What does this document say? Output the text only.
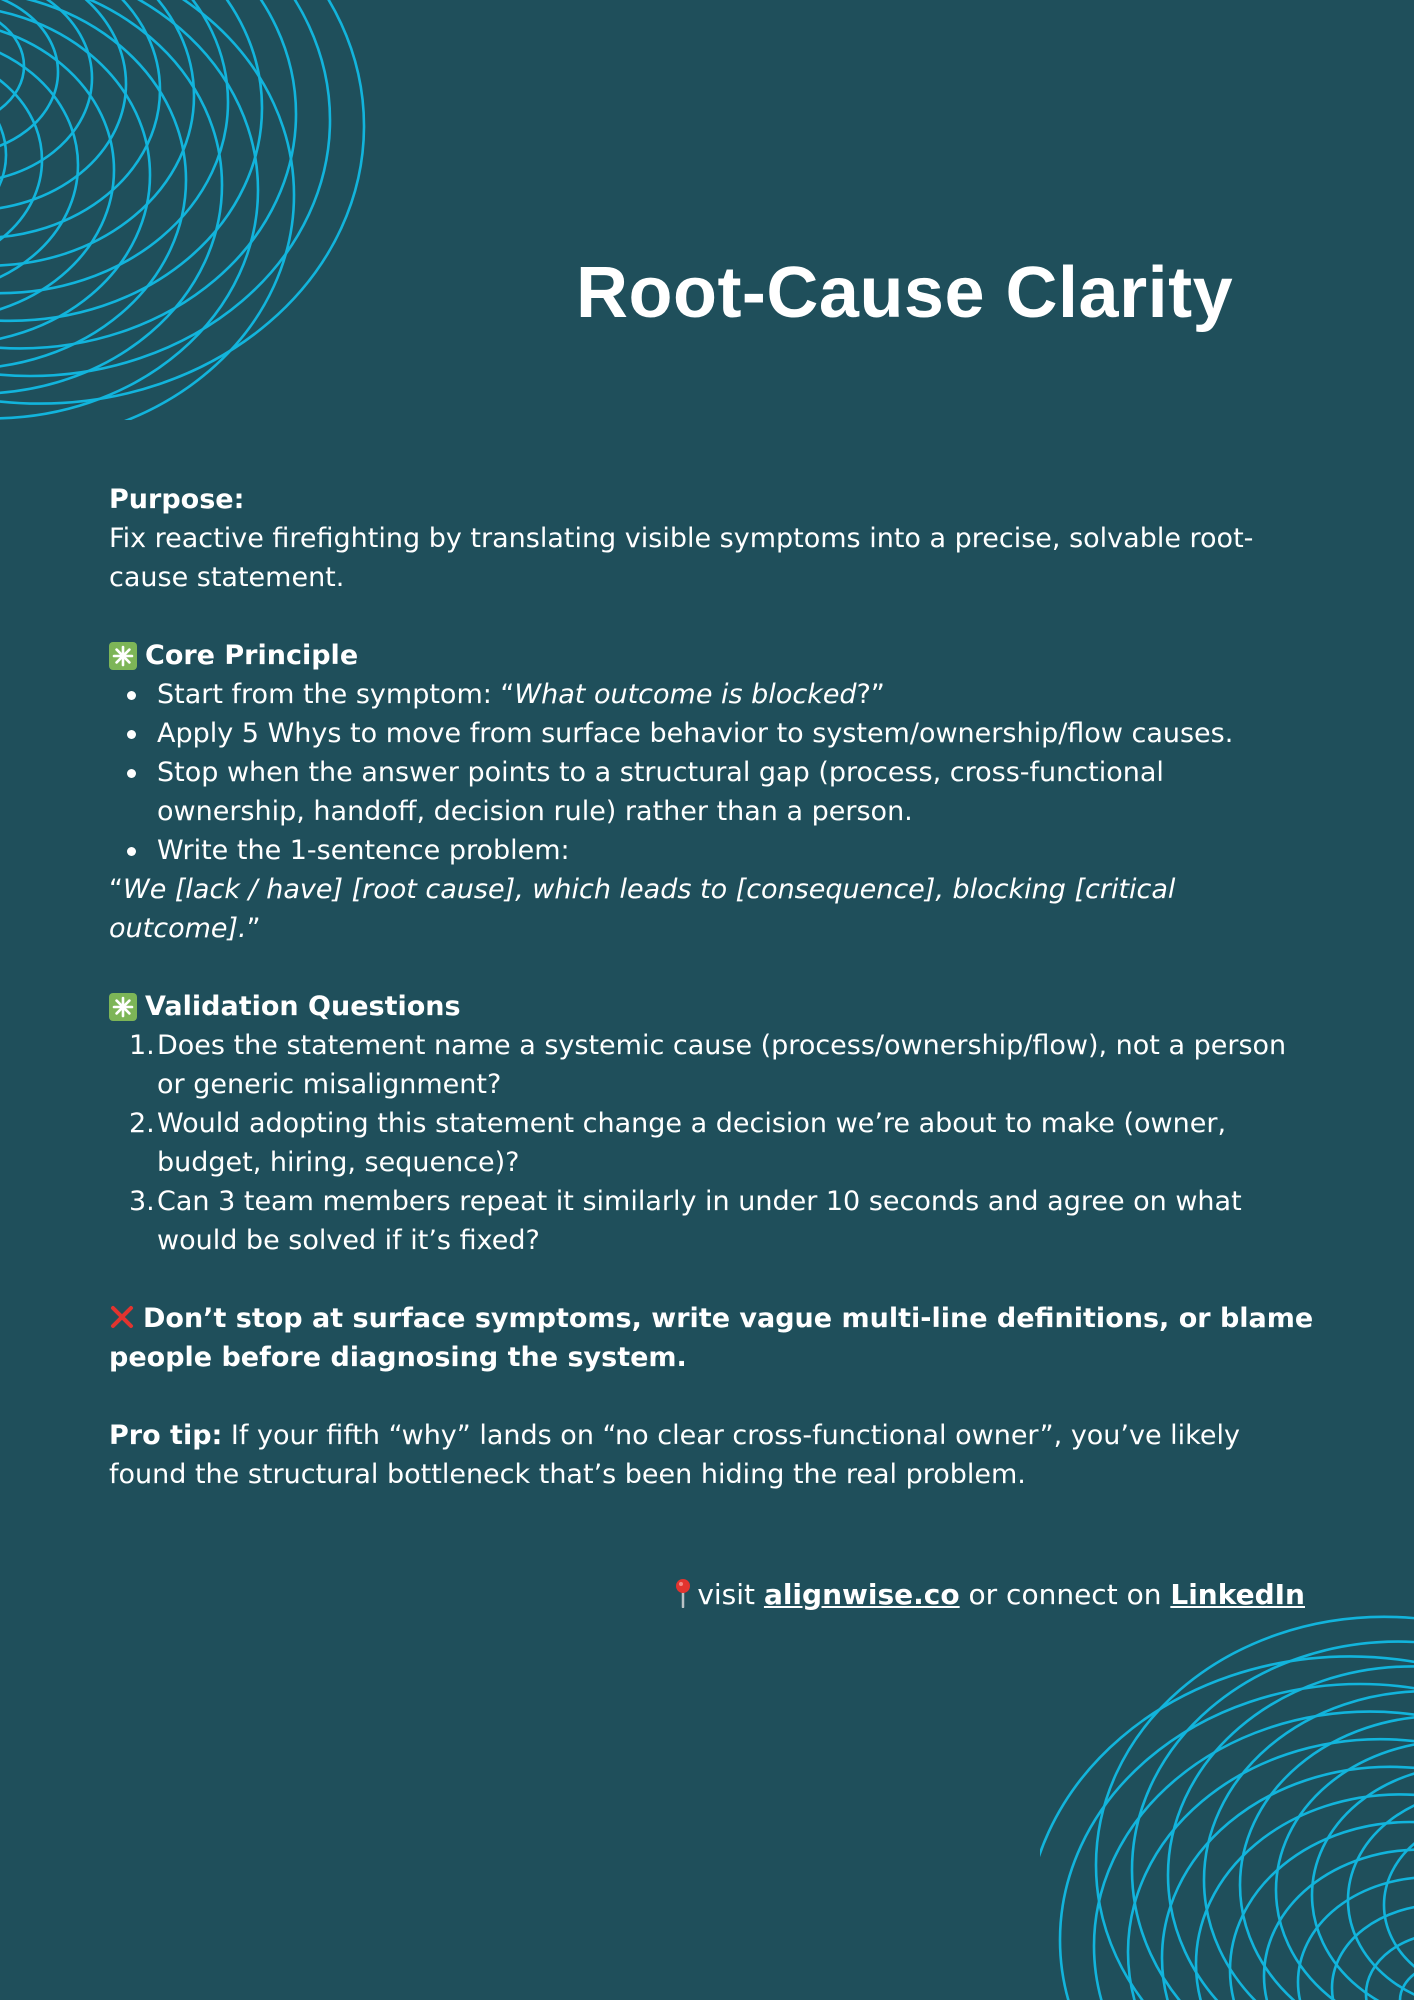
Root-Cause Clarity

Purpose:

Fix reactive firefighting by translating visible symptoms into a precise, solvable root-cause statement.

Core Principle
Start from the symptom: “What outcome is blocked?”
Apply 5 Whys to move from surface behavior to system/ownership/flow causes.
Stop when the answer points to a structural gap (process, cross-functional ownership, handoff, decision rule) rather than a person.
Write the 1-sentence problem:

“We [lack / have] [root cause], which leads to [consequence], blocking [critical outcome].”

Validation Questions
1. Does the statement name a systemic cause (process/ownership/flow), not a person or generic misalignment?
2. Would adopting this statement change a decision we’re about to make (owner, budget, hiring, sequence)?
3. Can 3 team members repeat it similarly in under 10 seconds and agree on what would be solved if it’s fixed?

Don’t stop at surface symptoms, write vague multi-line definitions, or blame people before diagnosing the system.

Pro tip: If your fifth “why” lands on “no clear cross-functional owner”, you’ve likely found the structural bottleneck that’s been hiding the real problem.

visit alignwise.co or connect on LinkedIn
